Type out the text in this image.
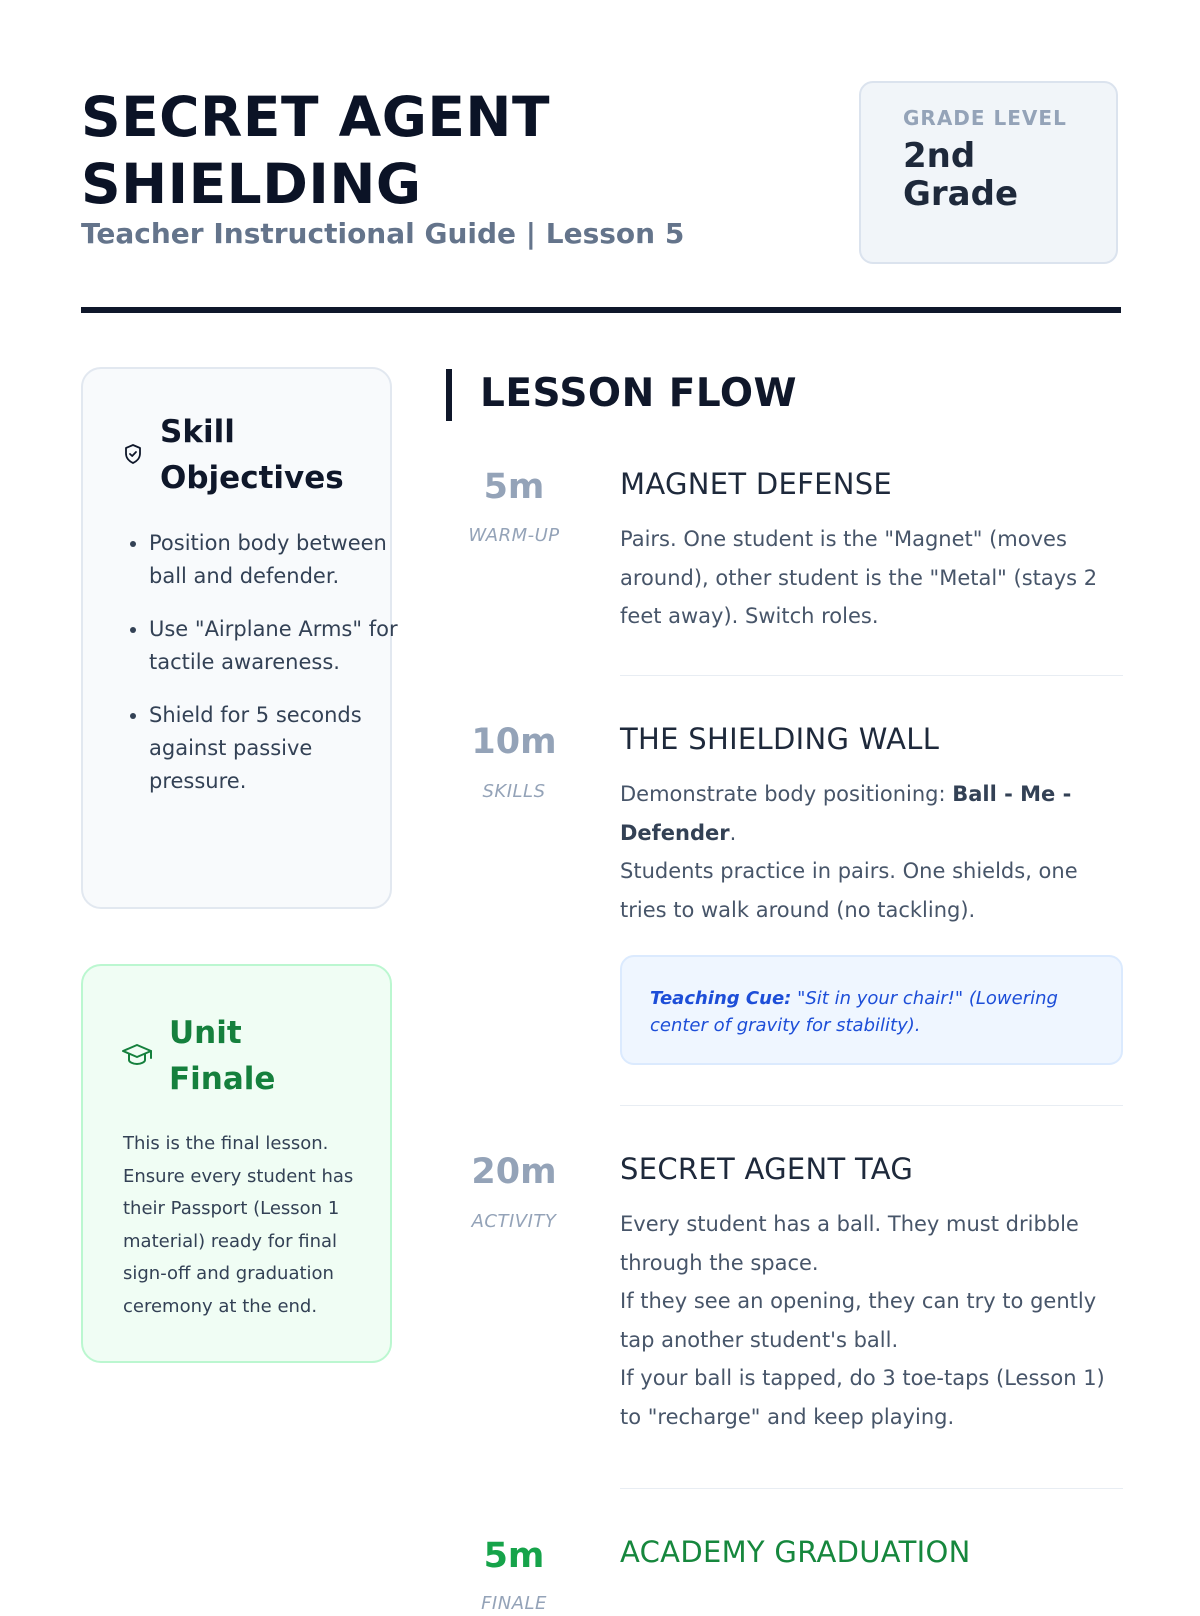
SECRET AGENT SHIELDING
Teacher Instructional Guide | Lesson 5
GRADE LEVEL
2nd Grade
Skill Objectives
• Position body between ball and defender.
• Use "Airplane Arms" for tactile awareness.
• Shield for 5 seconds against passive pressure.
Unit Finale

This is the final lesson. Ensure every student has their Passport (Lesson 1 material) ready for final sign-off and graduation ceremony at the end.

LESSON FLOW
5m
WARM-UP
MAGNET DEFENSE

Pairs. One student is the "Magnet" (moves around), other student is the "Metal" (stays 2 feet away). Switch roles.

10m
SKILLS
THE SHIELDING WALL

Demonstrate body positioning: Ball - Me - Defender.
Students practice in pairs. One shields, one tries to walk around (no tackling).

Teaching Cue: "Sit in your chair!" (Lowering center of gravity for stability).
20m
ACTIVITY
SECRET AGENT TAG

Every student has a ball. They must dribble through the space.
If they see an opening, they can try to gently tap another student's ball.
If your ball is tapped, do 3 toe-taps (Lesson 1) to "recharge" and keep playing.

5m
FINALE
ACADEMY GRADUATION
